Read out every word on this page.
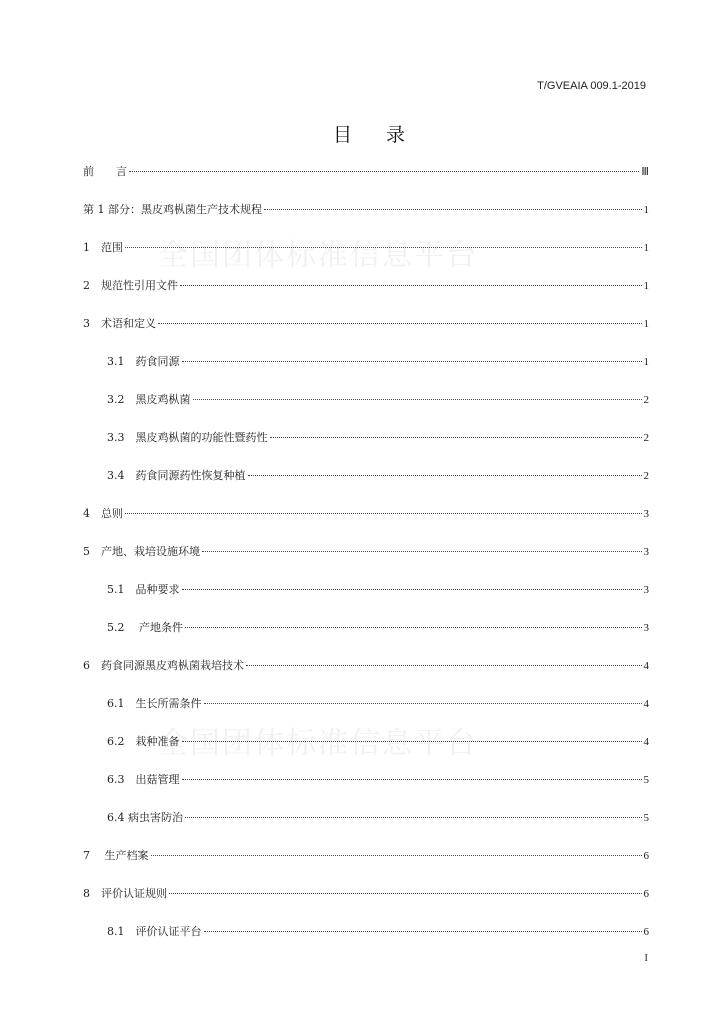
T/GVEAIA 009.1-2019
目 录
全国团体标准信息平台
全国团体标准信息平台
前　　言	Ⅲ
第 1 部分：黑皮鸡枞菌生产技术规程	1
1　范围	1
2　规范性引用文件	1
3　术语和定义	1
3.1　药食同源	1
3.2　黑皮鸡枞菌	2
3.3　黑皮鸡枞菌的功能性暨药性	2
3.4　药食同源药性恢复种植	2
4　总则	3
5　产地、栽培设施环境	3
5.1　品种要求	3
5.2　 产地条件	3
6　药食同源黑皮鸡枞菌栽培技术	4
6.1　生长所需条件	4
6.2　栽种准备	4
6.3　出菇管理	5
6.4 病虫害防治	5
7　 生产档案	6
8　评价认证规则	6
8.1　评价认证平台	6
I
